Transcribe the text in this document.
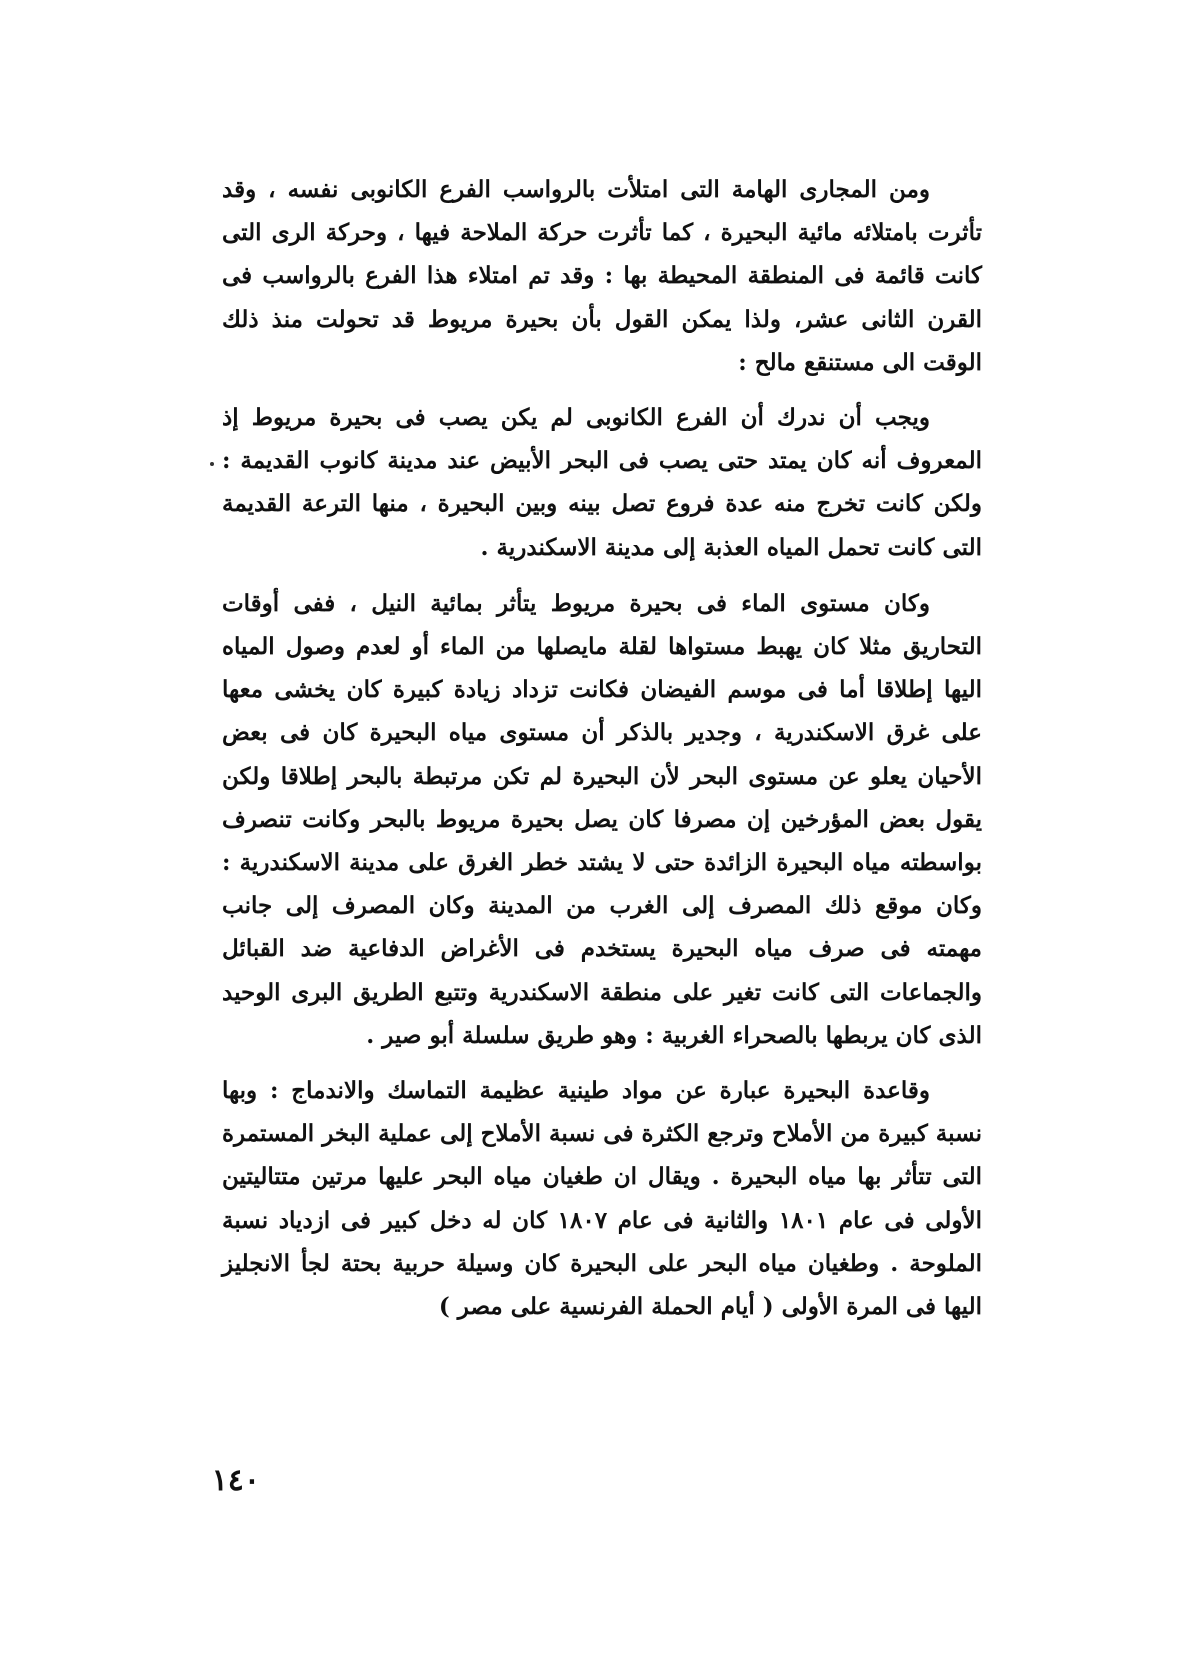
ومن المجارى الهامة التى امتلأت بالرواسب الفرع الكانوبى نفسه ، وقد تأثرت بامتلائه مائية البحيرة ، كما تأثرت حركة الملاحة فيها ، وحركة الرى التى كانت قائمة فى المنطقة المحيطة بها : وقد تم امتلاء هذا الفرع بالرواسب فى القرن الثانى عشر، ولذا يمكن القول بأن بحيرة مريوط قد تحولت منذ ذلك الوقت الى مستنقع مالح :

ويجب أن ندرك أن الفرع الكانوبى لم يكن يصب فى بحيرة مريوط إذ المعروف أنه كان يمتد حتى يصب فى البحر الأبيض عند مدينة كانوب القديمة : ولكن كانت تخرج منه عدة فروع تصل بينه وبين البحيرة ، منها الترعة القديمة التى كانت تحمل المياه العذبة إلى مدينة الاسكندرية .

وكان مستوى الماء فى بحيرة مريوط يتأثر بمائية النيل ، ففى أوقات التحاريق مثلا كان يهبط مستواها لقلة مايصلها من الماء أو لعدم وصول المياه اليها إطلاقا أما فى موسم الفيضان فكانت تزداد زيادة كبيرة كان يخشى معها على غرق الاسكندرية ، وجدير بالذكر أن مستوى مياه البحيرة كان فى بعض الأحيان يعلو عن مستوى البحر لأن البحيرة لم تكن مرتبطة بالبحر إطلاقا ولكن يقول بعض المؤرخين إن مصرفا كان يصل بحيرة مريوط بالبحر وكانت تنصرف بواسطته مياه البحيرة الزائدة حتى لا يشتد خطر الغرق على مدينة الاسكندرية : وكان موقع ذلك المصرف إلى الغرب من المدينة وكان المصرف إلى جانب مهمته فى صرف مياه البحيرة يستخدم فى الأغراض الدفاعية ضد القبائل والجماعات التى كانت تغير على منطقة الاسكندرية وتتبع الطريق البرى الوحيد الذى كان يربطها بالصحراء الغربية : وهو طريق سلسلة أبو صير .

وقاعدة البحيرة عبارة عن مواد طينية عظيمة التماسك والاندماج : وبها نسبة كبيرة من الأملاح وترجع الكثرة فى نسبة الأملاح إلى عملية البخر المستمرة التى تتأثر بها مياه البحيرة . ويقال ان طغيان مياه البحر عليها مرتين متتاليتين الأولى فى عام ١٨٠١ والثانية فى عام ١٨٠٧ كان له دخل كبير فى ازدياد نسبة الملوحة . وطغيان مياه البحر على البحيرة كان وسيلة حربية بحتة لجأ الانجليز اليها فى المرة الأولى ( أيام الحملة الفرنسية على مصر )

١٤٠
